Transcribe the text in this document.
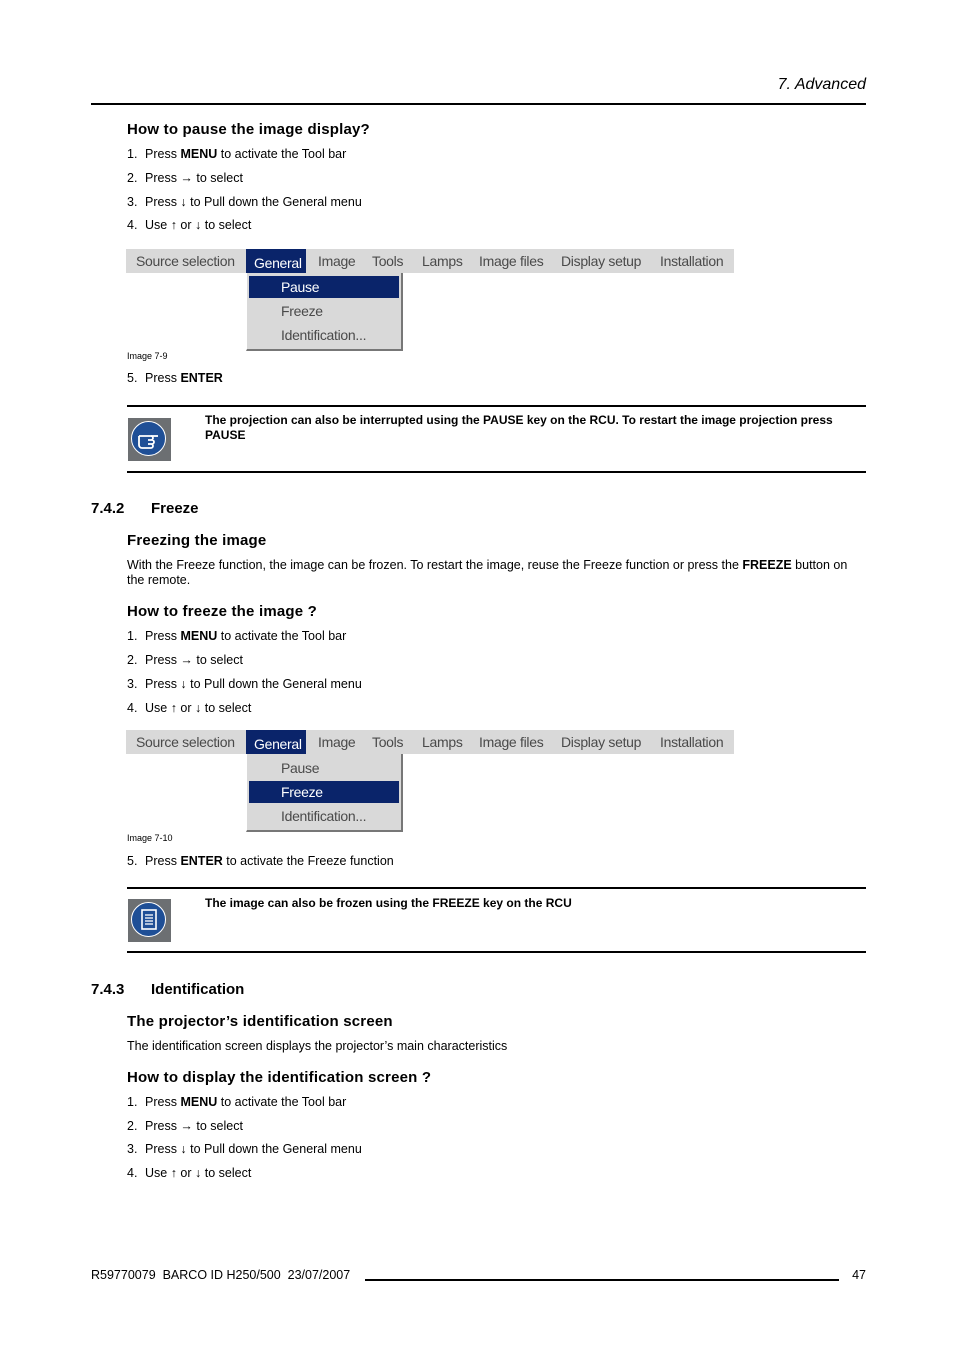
7. Advanced
How to pause the image display?
1. Press MENU to activate the Tool bar
2. Press → to select
3. Press ↓ to Pull down the General menu
4. Use ↑ or ↓ to select
Source selection	General Image Tools Lamps Image files Display setup Installation
Pause
Freeze
Identification...
Image 7-9
5. Press ENTER
The projection can also be interrupted using the PAUSE key on the RCU. To restart the image projection press PAUSE
7.4.2 Freeze
Freezing the image
With the Freeze function, the image can be frozen. To restart the image, reuse the Freeze function or press the FREEZE button on the remote.
How to freeze the image ?
1. Press MENU to activate the Tool bar
2. Press → to select
3. Press ↓ to Pull down the General menu
4. Use ↑ or ↓ to select
Source selection	General Image Tools Lamps Image files Display setup Installation
Pause
Freeze
Identification...
Image 7-10
5. Press ENTER to activate the Freeze function
The image can also be frozen using the FREEZE key on the RCU
7.4.3 Identification
The projector’s identification screen
The identification screen displays the projector’s main characteristics
How to display the identification screen ?
1. Press MENU to activate the Tool bar
2. Press → to select
3. Press ↓ to Pull down the General menu
4. Use ↑ or ↓ to select
R59770079  BARCO ID H250/500  23/07/2007	47
